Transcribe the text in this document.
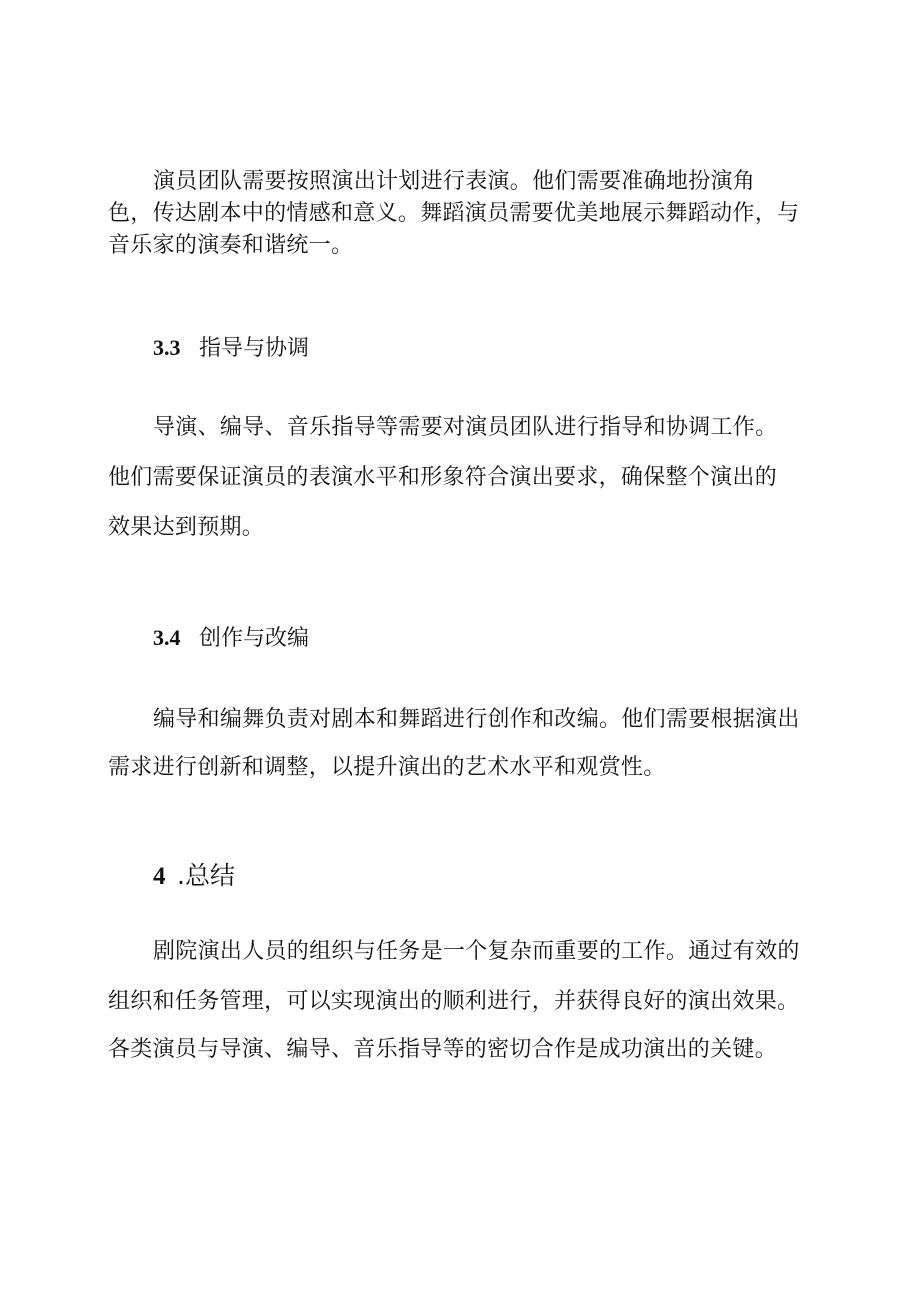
演员团队需要按照演出计划进行表演。他们需要准确地扮演角
色，传达剧本中的情感和意义。舞蹈演员需要优美地展示舞蹈动作，与
音乐家的演奏和谐统一。
3.3 指导与协调
导演、编导、音乐指导等需要对演员团队进行指导和协调工作。
他们需要保证演员的表演水平和形象符合演出要求，确保整个演出的
效果达到预期。
3.4 创作与改编
编导和编舞负责对剧本和舞蹈进行创作和改编。他们需要根据演出
需求进行创新和调整，以提升演出的艺术水平和观赏性。
4 .总结
剧院演出人员的组织与任务是一个复杂而重要的工作。通过有效的
组织和任务管理，可以实现演出的顺利进行，并获得良好的演出效果。
各类演员与导演、编导、音乐指导等的密切合作是成功演出的关键。
